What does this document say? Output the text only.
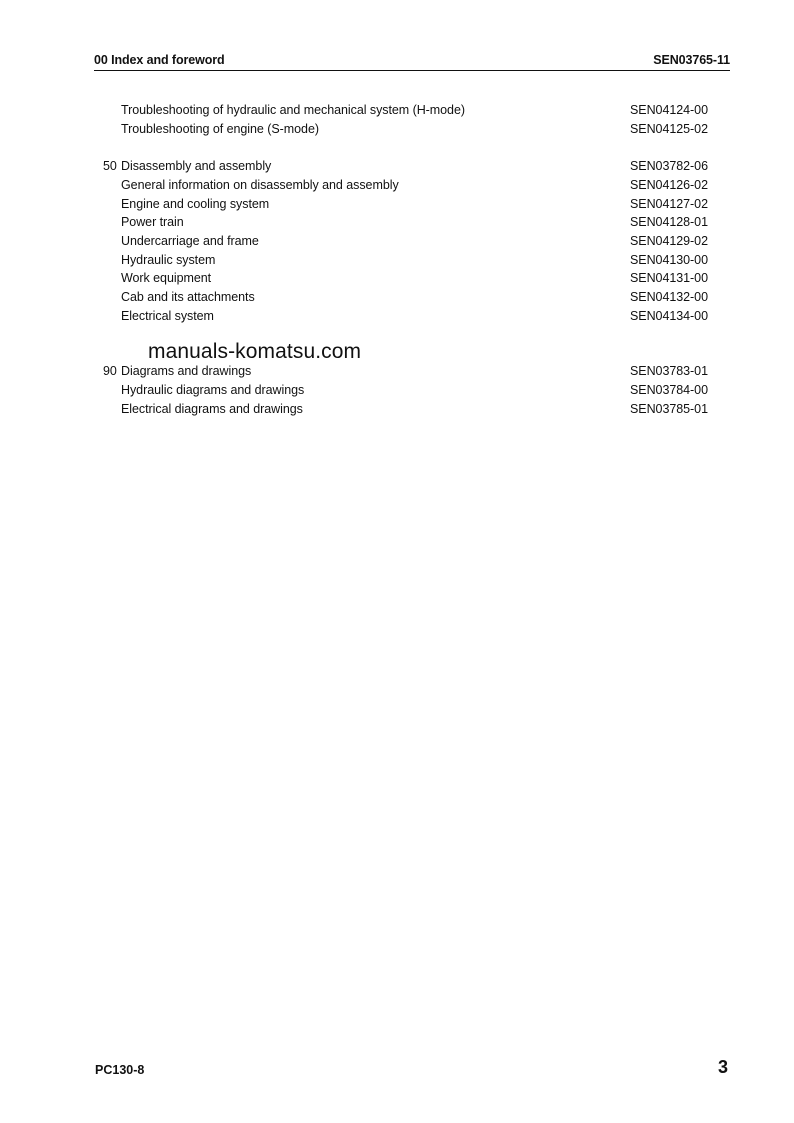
00 Index and foreword	SEN03765-11
Troubleshooting of hydraulic and mechanical system (H-mode)	SEN04124-00
Troubleshooting of engine (S-mode)	SEN04125-02
50 Disassembly and assembly	SEN03782-06
General information on disassembly and assembly	SEN04126-02
Engine and cooling system	SEN04127-02
Power train	SEN04128-01
Undercarriage and frame	SEN04129-02
Hydraulic system	SEN04130-00
Work equipment	SEN04131-00
Cab and its attachments	SEN04132-00
Electrical system	SEN04134-00
90 Diagrams and drawings	SEN03783-01
Hydraulic diagrams and drawings	SEN03784-00
Electrical diagrams and drawings	SEN03785-01
manuals-komatsu.com
PC130-8	3
